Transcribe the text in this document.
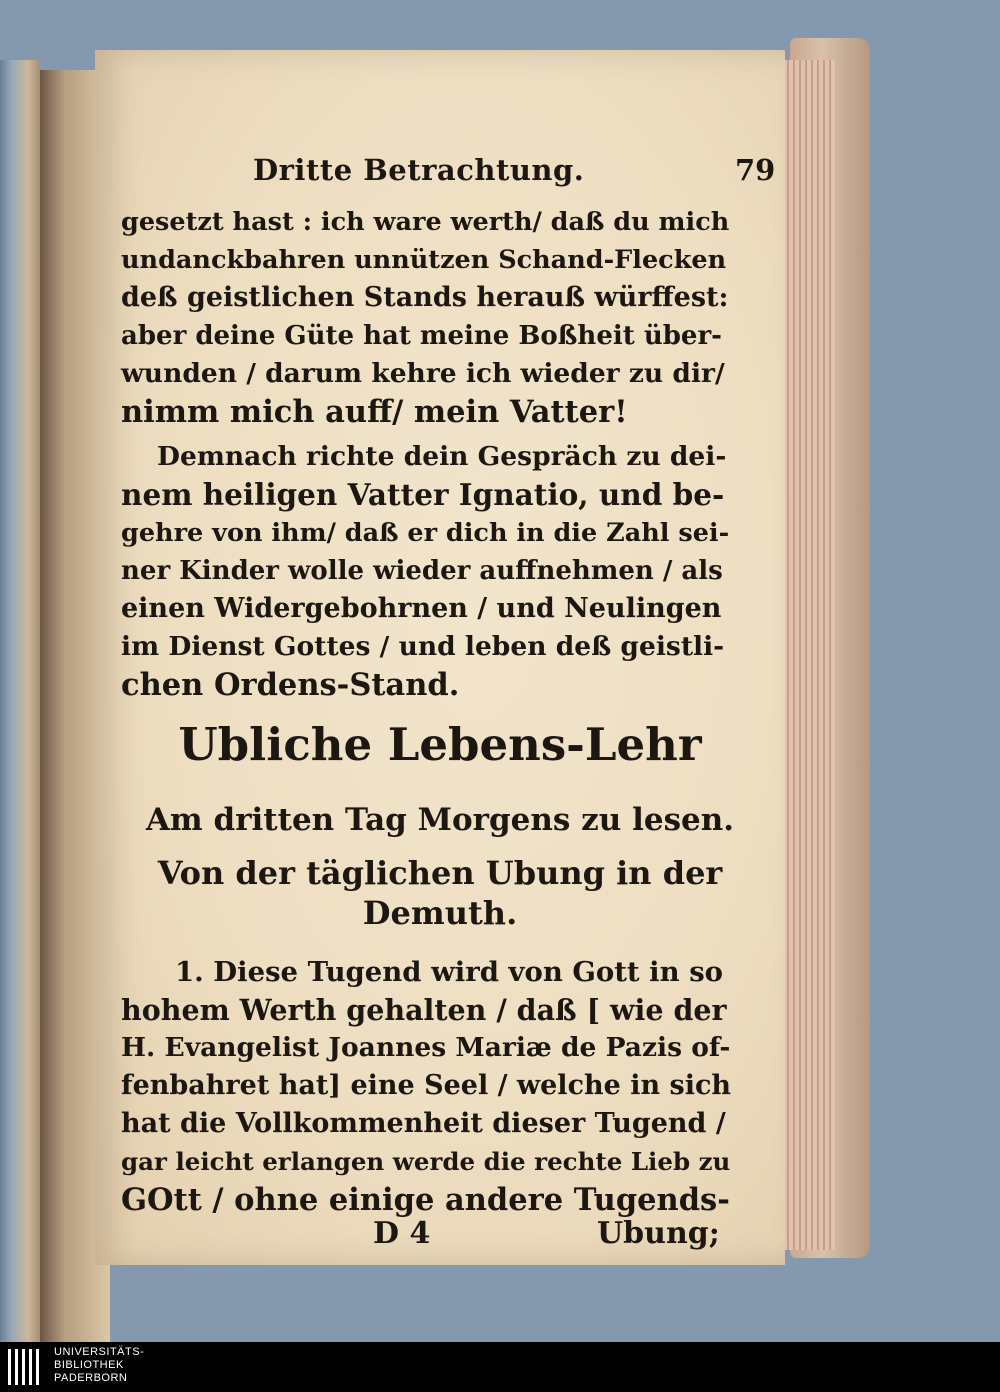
Dritte Betrachtung.	79
gesetzt hast : ich ware werth/ daß du mich
undanckbahren unnützen Schand-Flecken
deß geistlichen Stands herauß würffest:
aber deine Güte hat meine Boßheit über-
wunden / darum kehre ich wieder zu dir/
nimm mich auff/ mein Vatter!
Demnach richte dein Gespräch zu dei-
nem heiligen Vatter Ignatio, und be-
gehre von ihm/ daß er dich in die Zahl sei-
ner Kinder wolle wieder auffnehmen / als
einen Widergebohrnen / und Neulingen
im Dienst Gottes / und leben deß geistli-
chen Ordens-Stand.
Ubliche Lebens-Lehr
Am dritten Tag Morgens zu lesen.
Von der täglichen Ubung in der
Demuth.
1. Diese Tugend wird von Gott in so
hohem Werth gehalten / daß [ wie der
H. Evangelist Joannes Mariæ de Pazis of-
fenbahret hat] eine Seel / welche in sich
hat die Vollkommenheit dieser Tugend /
gar leicht erlangen werde die rechte Lieb zu
GOtt / ohne einige andere Tugends-
D 4	Ubung;
UNIVERSITÄTS-
BIBLIOTHEK
PADERBORN
